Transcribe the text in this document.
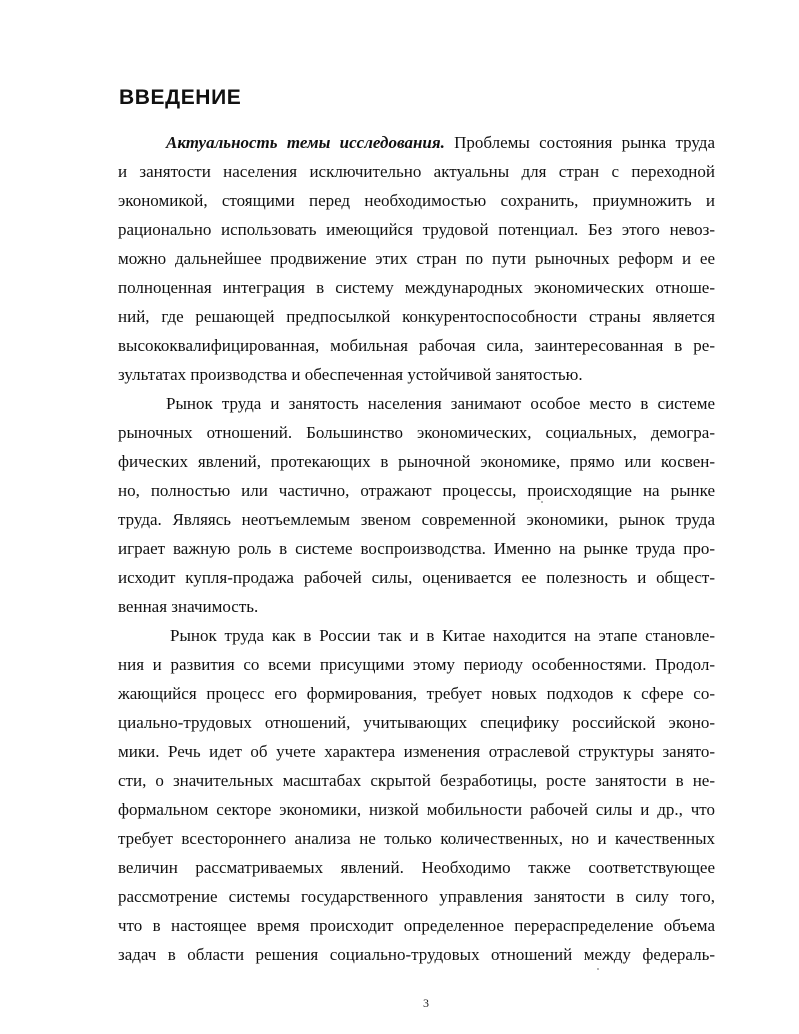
ВВЕДЕНИЕ
Актуальность темы исследования. Проблемы состояния рынка труда
и занятости населения исключительно актуальны для стран с переходной
экономикой, стоящими перед необходимостью сохранить, приумножить и
рационально использовать имеющийся трудовой потенциал. Без этого невоз-
можно дальнейшее продвижение этих стран по пути рыночных реформ и ее
полноценная интеграция в систему международных экономических отноше-
ний, где решающей предпосылкой конкурентоспособности страны является
высококвалифицированная, мобильная рабочая сила, заинтересованная в ре-
зультатах производства и обеспеченная устойчивой занятостью.
Рынок труда и занятость населения занимают особое место в системе
рыночных отношений. Большинство экономических, социальных, демогра-
фических явлений, протекающих в рыночной экономике, прямо или косвен-
но, полностью или частично, отражают процессы, происходящие на рынке
труда. Являясь неотъемлемым звеном современной экономики, рынок труда
играет важную роль в системе воспроизводства. Именно на рынке труда про-
исходит купля-продажа рабочей силы, оценивается ее полезность и общест-
венная значимость.
Рынок труда как в России так и в Китае находится на этапе становле-
ния и развития со всеми присущими этому периоду особенностями. Продол-
жающийся процесс его формирования, требует новых подходов к сфере со-
циально-трудовых отношений, учитывающих специфику российской эконо-
мики. Речь идет об учете характера изменения отраслевой структуры занято-
сти, о значительных масштабах скрытой безработицы, росте занятости в не-
формальном секторе экономики, низкой мобильности рабочей силы и др., что
требует всестороннего анализа не только количественных, но и качественных
величин рассматриваемых явлений. Необходимо также соответствующее
рассмотрение системы государственного управления занятости в силу того,
что в настоящее время происходит определенное перераспределение объема
задач в области решения социально-трудовых отношений между федераль-
3
